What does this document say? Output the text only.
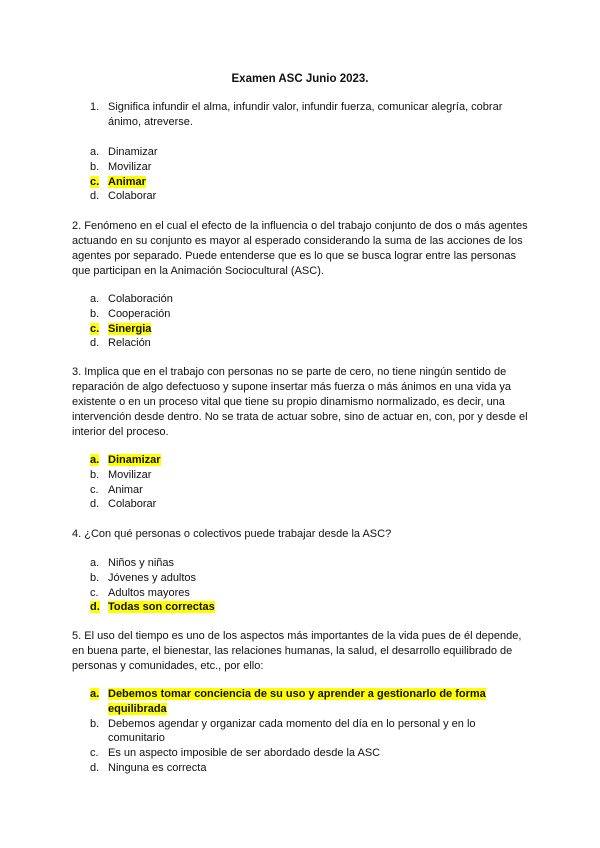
Examen ASC Junio 2023.
1. Significa infundir el alma, infundir valor, infundir fuerza, comunicar alegría, cobrar ánimo, atreverse.
a. Dinamizar
b. Movilizar
c. Animar
d. Colaborar
2. Fenómeno en el cual el efecto de la influencia o del trabajo conjunto de dos o más agentes actuando en su conjunto es mayor al esperado considerando la suma de las acciones de los agentes por separado. Puede entenderse que es lo que se busca lograr entre las personas que participan en la Animación Sociocultural (ASC).
a. Colaboración
b. Cooperación
c. Sinergia
d. Relación
3. Implica que en el trabajo con personas no se parte de cero, no tiene ningún sentido de reparación de algo defectuoso y supone insertar más fuerza o más ánimos en una vida ya existente o en un proceso vital que tiene su propio dinamismo normalizado, es decir, una intervención desde dentro. No se trata de actuar sobre, sino de actuar en, con, por y desde el interior del proceso.
a. Dinamizar
b. Movilizar
c. Animar
d. Colaborar
4. ¿Con qué personas o colectivos puede trabajar desde la ASC?
a. Niños y niñas
b. Jóvenes y adultos
c. Adultos mayores
d. Todas son correctas
5. El uso del tiempo es uno de los aspectos más importantes de la vida pues de él depende, en buena parte, el bienestar, las relaciones humanas, la salud, el desarrollo equilibrado de personas y comunidades, etc., por ello:
a. Debemos tomar conciencia de su uso y aprender a gestionarlo de forma equilibrada
b. Debemos agendar y organizar cada momento del día en lo personal y en lo comunitario
c. Es un aspecto imposible de ser abordado desde la ASC
d. Ninguna es correcta
